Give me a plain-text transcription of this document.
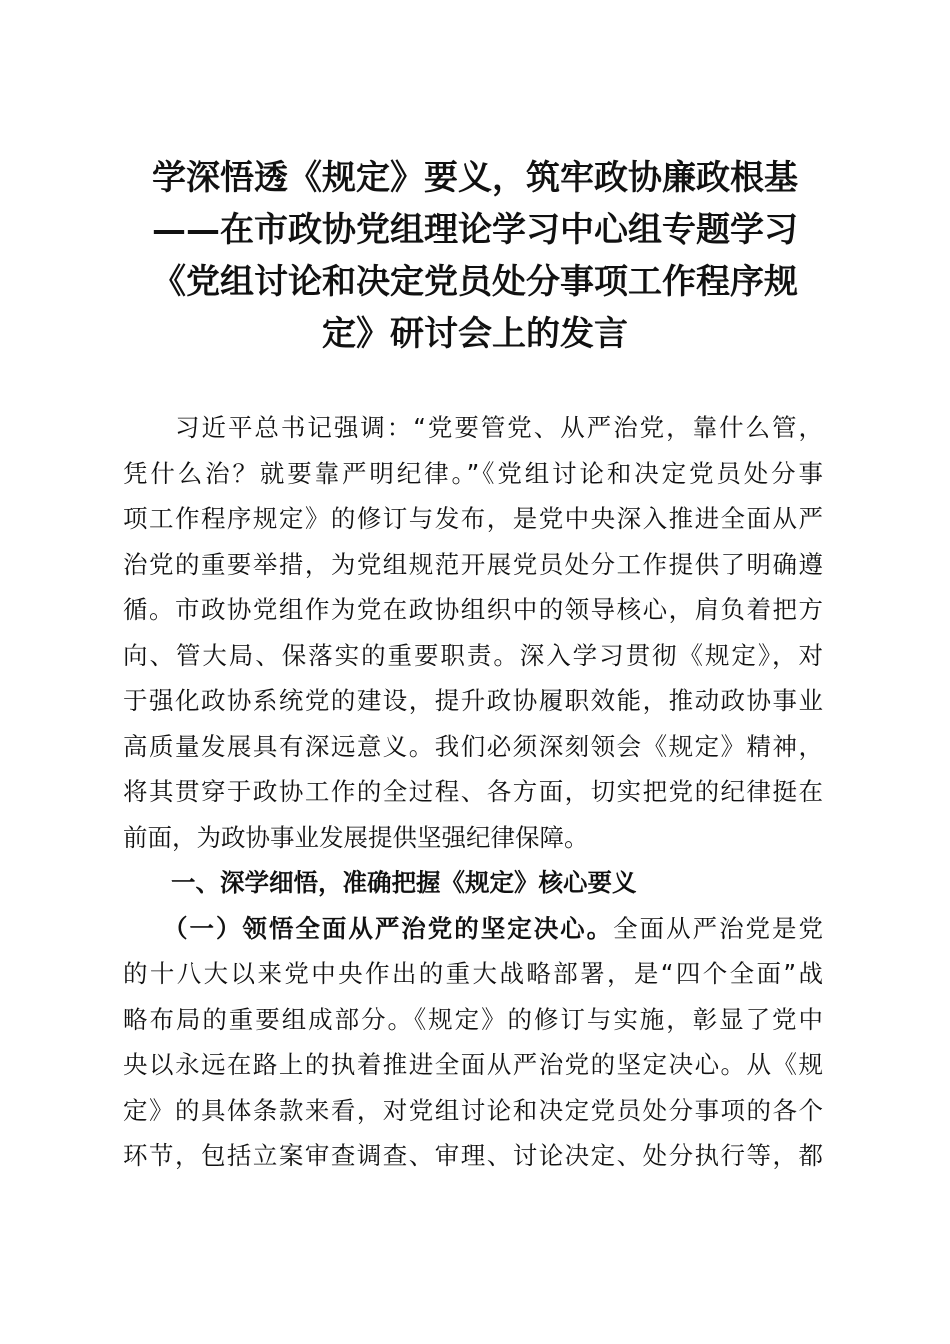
学深悟透《规定》要义，筑牢政协廉政根基
——在市政协党组理论学习中心组专题学习
《党组讨论和决定党员处分事项工作程序规
定》研讨会上的发言
习近平总书记强调：“党要管党、从严治党，靠什么管，
凭什么治？就要靠严明纪律。”《党组讨论和决定党员处分事
项工作程序规定》的修订与发布，是党中央深入推进全面从严
治党的重要举措，为党组规范开展党员处分工作提供了明确遵
循。市政协党组作为党在政协组织中的领导核心，肩负着把方
向、管大局、保落实的重要职责。深入学习贯彻《规定》，对
于强化政协系统党的建设，提升政协履职效能，推动政协事业
高质量发展具有深远意义。我们必须深刻领会《规定》精神，
将其贯穿于政协工作的全过程、各方面，切实把党的纪律挺在
前面，为政协事业发展提供坚强纪律保障。
一、深学细悟，准确把握《规定》核心要义
（一）领悟全面从严治党的坚定决心。全面从严治党是党
的十八大以来党中央作出的重大战略部署，是“四个全面”战
略布局的重要组成部分。《规定》的修订与实施，彰显了党中
央以永远在路上的执着推进全面从严治党的坚定决心。从《规
定》的具体条款来看，对党组讨论和决定党员处分事项的各个
环节，包括立案审查调查、审理、讨论决定、处分执行等，都
